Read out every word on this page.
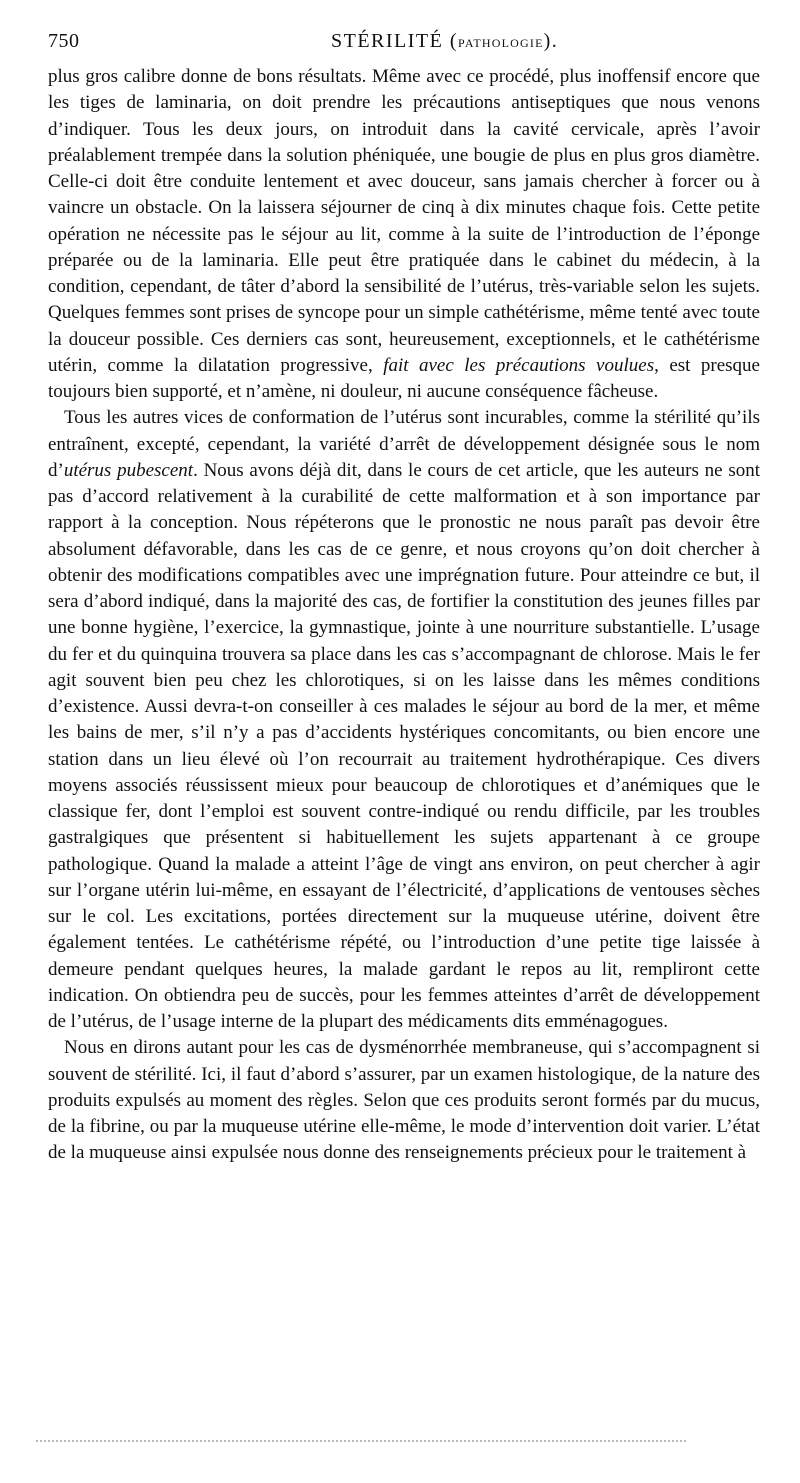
750	STÉRILITÉ (PATHOLOGIE).

plus gros calibre donne de bons résultats. Même avec ce procédé, plus inoffensif encore que les tiges de laminaria, on doit prendre les précautions antiseptiques que nous venons d’indiquer. Tous les deux jours, on introduit dans la cavité cervicale, après l’avoir préalablement trempée dans la solution phéniquée, une bougie de plus en plus gros diamètre. Celle-ci doit être conduite lentement et avec douceur, sans jamais chercher à forcer ou à vaincre un obstacle. On la laissera séjourner de cinq à dix minutes chaque fois. Cette petite opération ne nécessite pas le séjour au lit, comme à la suite de l’introduction de l’éponge préparée ou de la laminaria. Elle peut être pratiquée dans le cabinet du médecin, à la condition, cependant, de tâter d’abord la sensibilité de l’utérus, très-variable selon les sujets. Quelques femmes sont prises de syncope pour un simple cathétérisme, même tenté avec toute la douceur possible. Ces derniers cas sont, heureusement, exceptionnels, et le cathétérisme utérin, comme la dilatation progressive, fait avec les précautions voulues, est presque toujours bien supporté, et n’amène, ni douleur, ni aucune conséquence fâcheuse.

Tous les autres vices de conformation de l’utérus sont incurables, comme la stérilité qu’ils entraînent, excepté, cependant, la variété d’arrêt de développement désignée sous le nom d’utérus pubescent. Nous avons déjà dit, dans le cours de cet article, que les auteurs ne sont pas d’accord relativement à la curabilité de cette malformation et à son importance par rapport à la conception. Nous répéterons que le pronostic ne nous paraît pas devoir être absolument défavorable, dans les cas de ce genre, et nous croyons qu’on doit chercher à obtenir des modifications compatibles avec une imprégnation future. Pour atteindre ce but, il sera d’abord indiqué, dans la majorité des cas, de fortifier la constitution des jeunes filles par une bonne hygiène, l’exercice, la gymnastique, jointe à une nourriture substantielle. L’usage du fer et du quinquina trouvera sa place dans les cas s’accompagnant de chlorose. Mais le fer agit souvent bien peu chez les chlorotiques, si on les laisse dans les mêmes conditions d’existence. Aussi devra-t-on conseiller à ces malades le séjour au bord de la mer, et même les bains de mer, s’il n’y a pas d’accidents hystériques concomitants, ou bien encore une station dans un lieu élevé où l’on recourrait au traitement hydrothérapique. Ces divers moyens associés réussissent mieux pour beaucoup de chlorotiques et d’anémiques que le classique fer, dont l’emploi est souvent contre-indiqué ou rendu difficile, par les troubles gastralgiques que présentent si habituellement les sujets appartenant à ce groupe pathologique. Quand la malade a atteint l’âge de vingt ans environ, on peut chercher à agir sur l’organe utérin lui-même, en essayant de l’électricité, d’applications de ventouses sèches sur le col. Les excitations, portées directement sur la muqueuse utérine, doivent être également tentées. Le cathétérisme répété, ou l’introduction d’une petite tige laissée à demeure pendant quelques heures, la malade gardant le repos au lit, rempliront cette indication. On obtiendra peu de succès, pour les femmes atteintes d’arrêt de développement de l’utérus, de l’usage interne de la plupart des médicaments dits emménagogues.

Nous en dirons autant pour les cas de dysménorrhée membraneuse, qui s’accompagnent si souvent de stérilité. Ici, il faut d’abord s’assurer, par un examen histologique, de la nature des produits expulsés au moment des règles. Selon que ces produits seront formés par du mucus, de la fibrine, ou par la muqueuse utérine elle-même, le mode d’intervention doit varier. L’état de la muqueuse ainsi expulsée nous donne des renseignements précieux pour le traitement à
